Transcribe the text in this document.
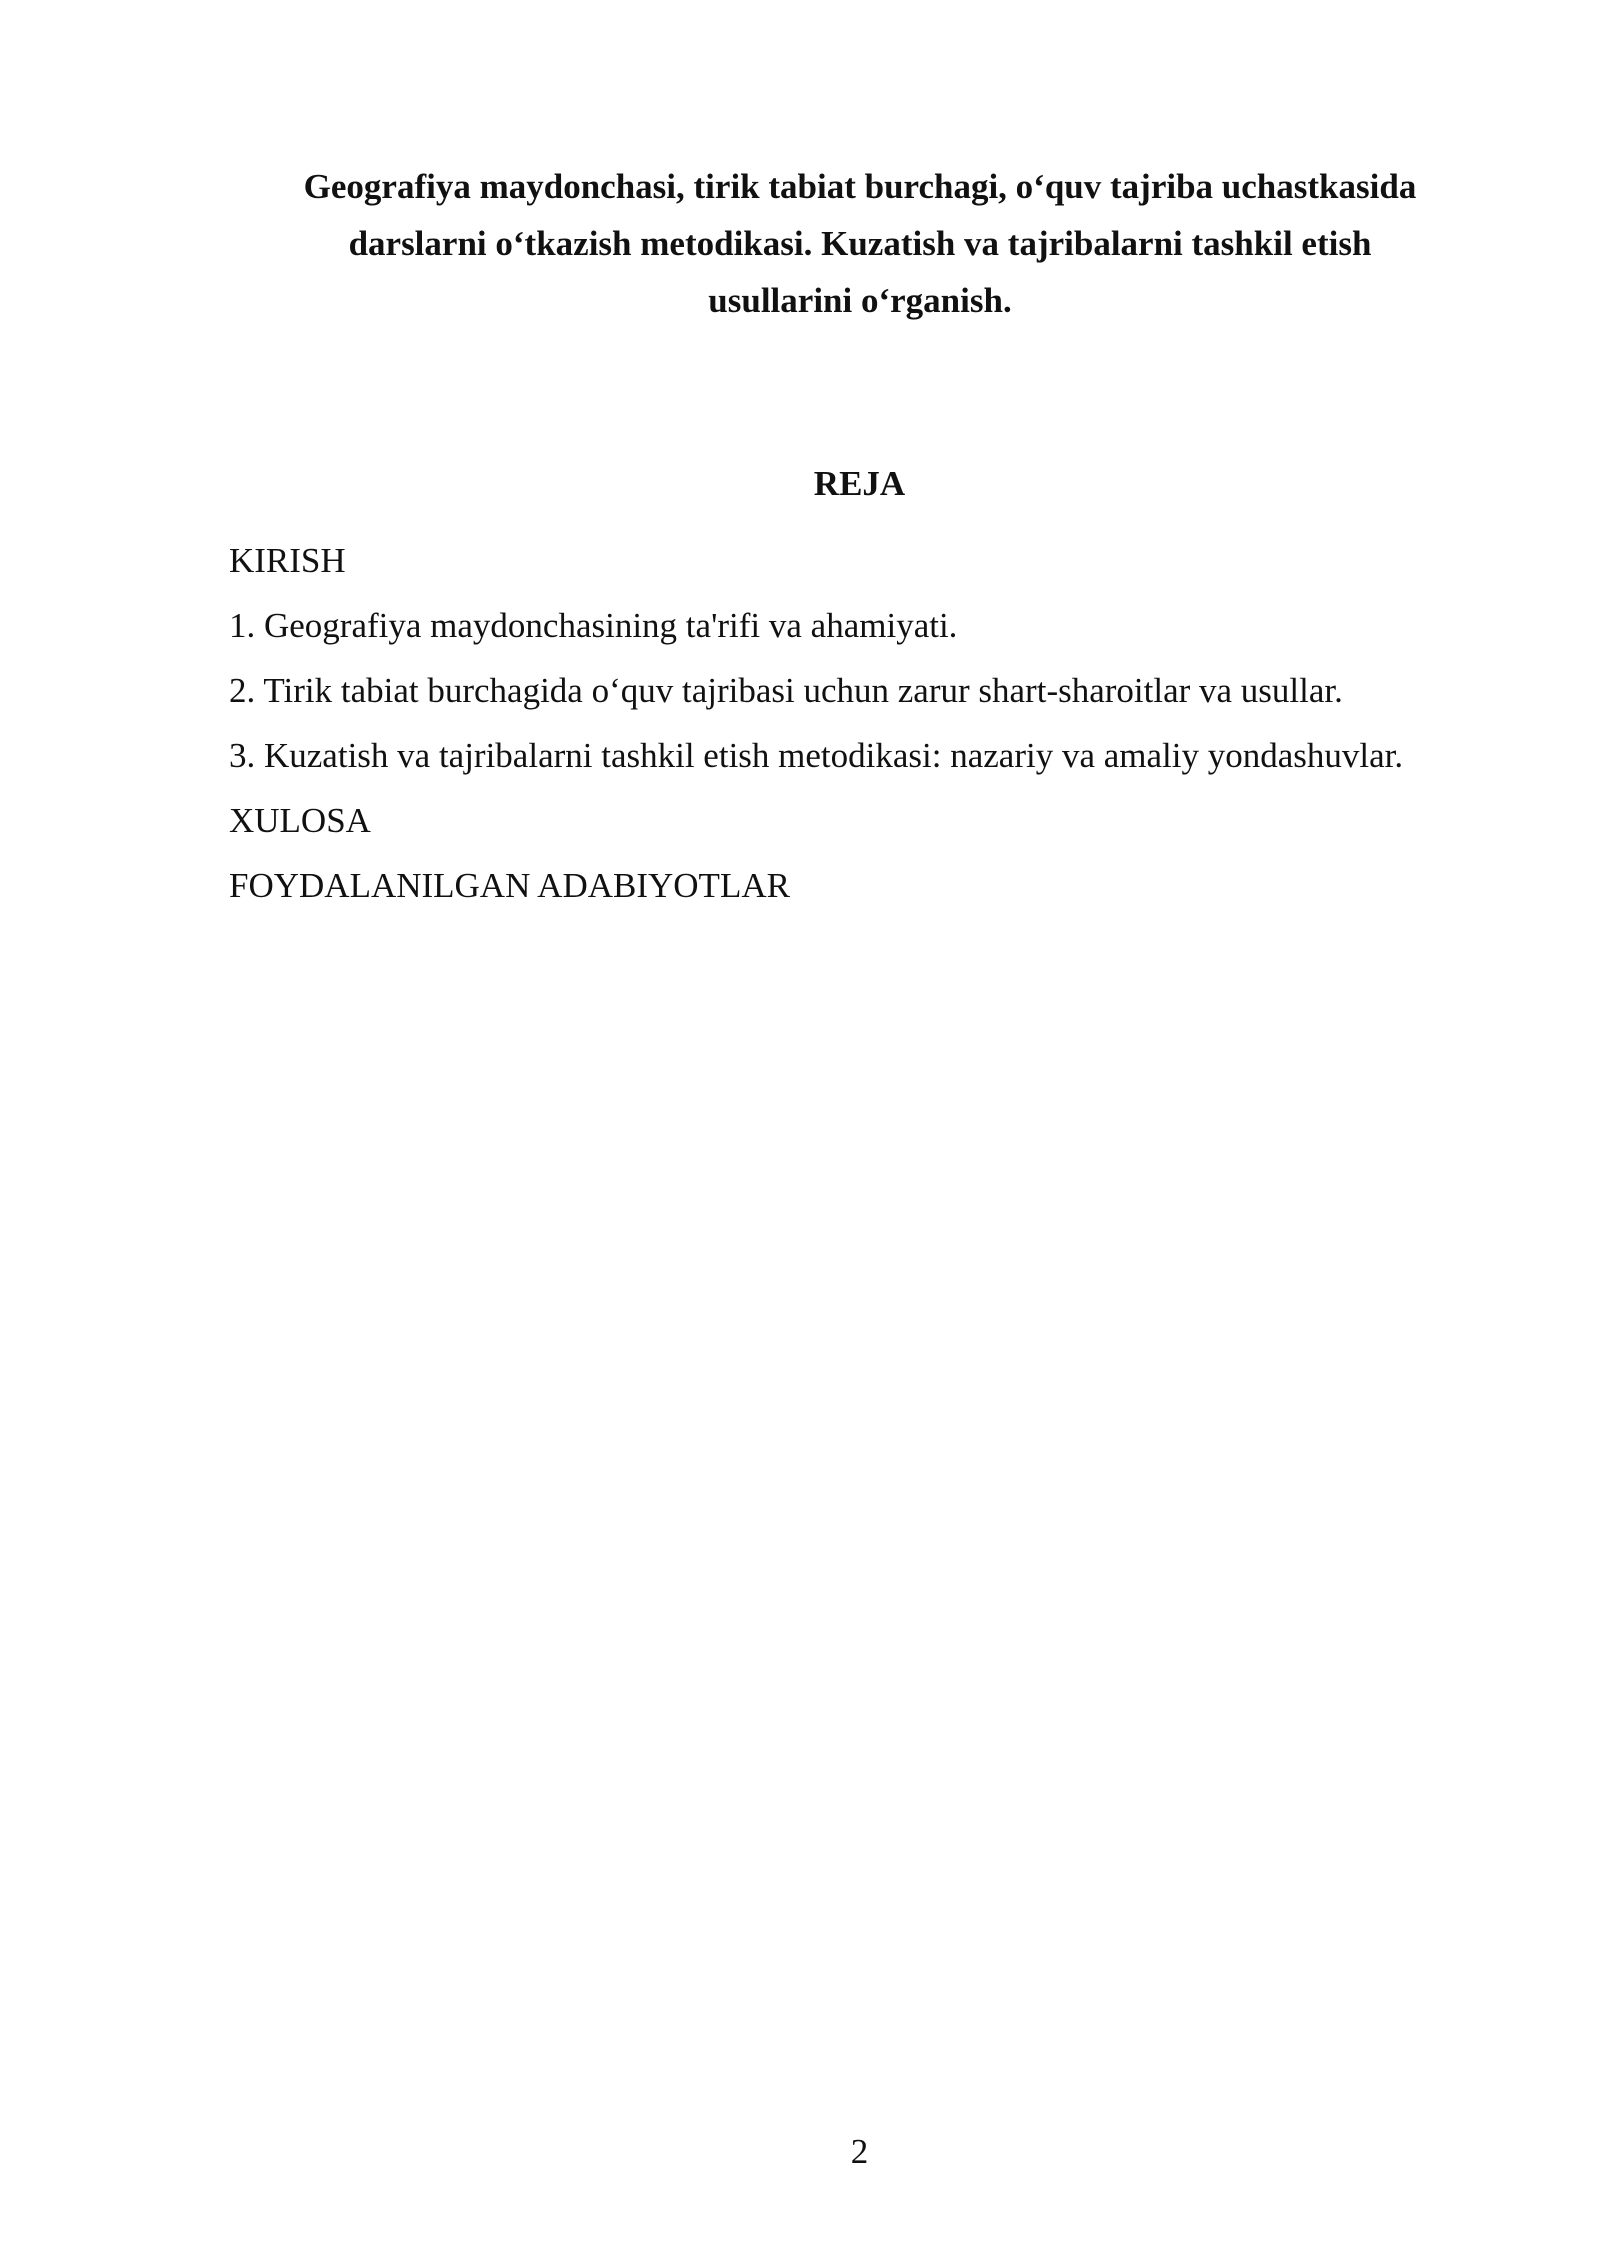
Geografiya maydonchasi, tirik tabiat burchagi, o‘quv tajriba uchastkasida
darslarni o‘tkazish metodikasi. Kuzatish va tajribalarni tashkil etish
usullarini o‘rganish.
REJA
KIRISH
1. Geografiya maydonchasining ta'rifi va ahamiyati.
2. Tirik tabiat burchagida o‘quv tajribasi uchun zarur shart-sharoitlar va usullar.
3. Kuzatish va tajribalarni tashkil etish metodikasi: nazariy va amaliy yondashuvlar.
XULOSA
FOYDALANILGAN ADABIYOTLAR
2
